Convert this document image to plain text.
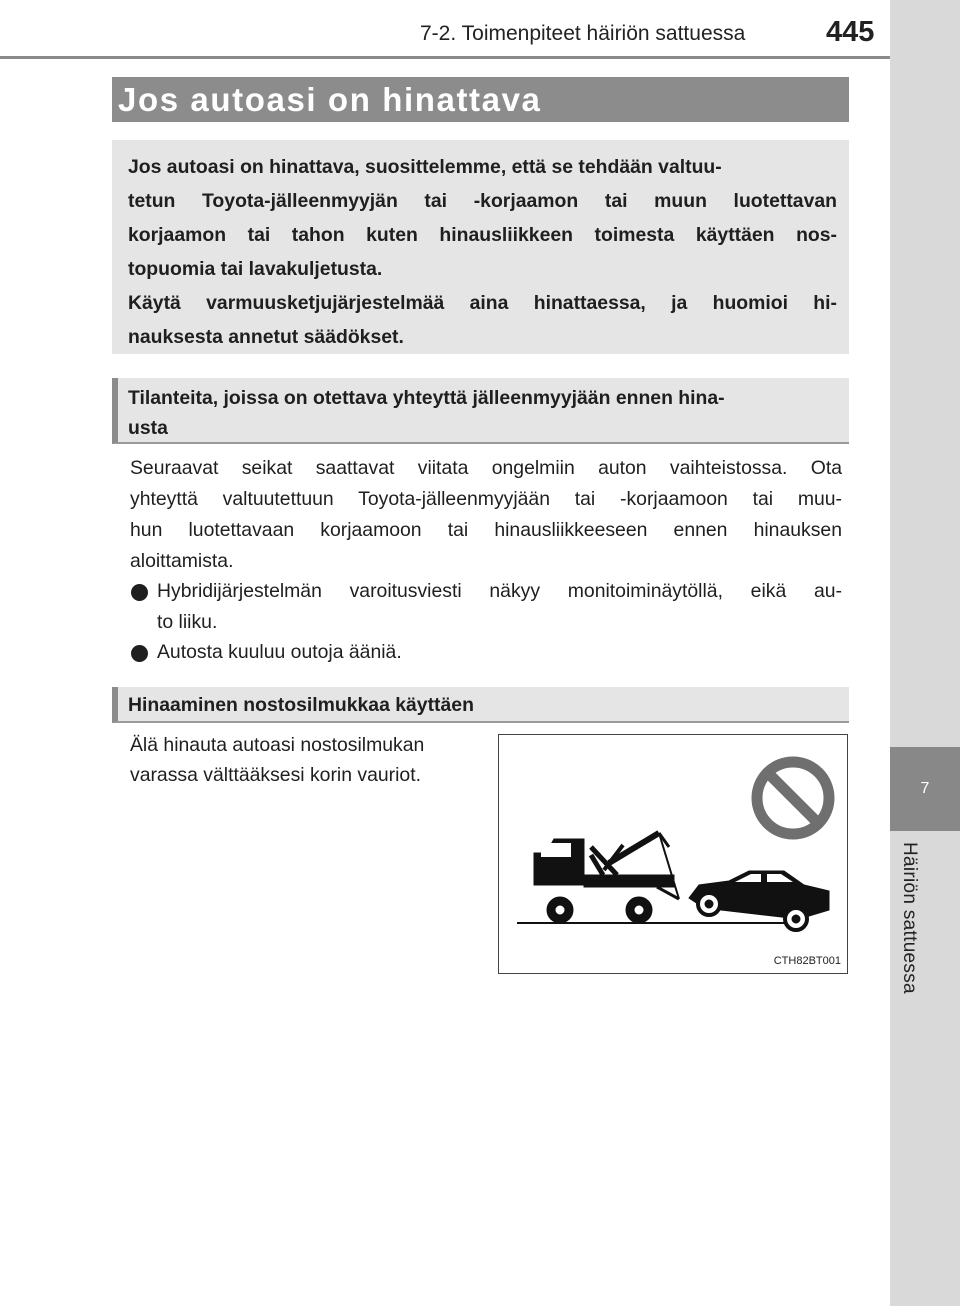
7-2. Toimenpiteet häiriön sattuessa	445
7
Häiriön sattuessa
Jos autoasi on hinattava

Jos autoasi on hinattava, suosittelemme, että se tehdään valtuu-

tetun Toyota-jälleenmyyjän tai -korjaamon tai muun luotettavan

korjaamon tai tahon kuten hinausliikkeen toimesta käyttäen nos-

topuomia tai lavakuljetusta.

Käytä varmuusketjujärjestelmää aina hinattaessa, ja huomioi hi-

nauksesta annetut säädökset.

Tilanteita, joissa on otettava yhteyttä jälleenmyyjään ennen hina-
usta

Seuraavat seikat saattavat viitata ongelmiin auton vaihteistossa. Ota

yhteyttä valtuutettuun Toyota-jälleenmyyjään tai -korjaamoon tai muu-

hun luotettavaan korjaamoon tai hinausliikkeeseen ennen hinauksen

aloittamista.

Hybridijärjestelmän varoitusviesti näkyy monitoiminäytöllä, eikä au-

to liiku.

Autosta kuuluu outoja ääniä.

Hinaaminen nostosilmukkaa käyttäen

Älä hinauta autoasi nostosilmukan

varassa välttääksesi korin vauriot.

CTH82BT001
